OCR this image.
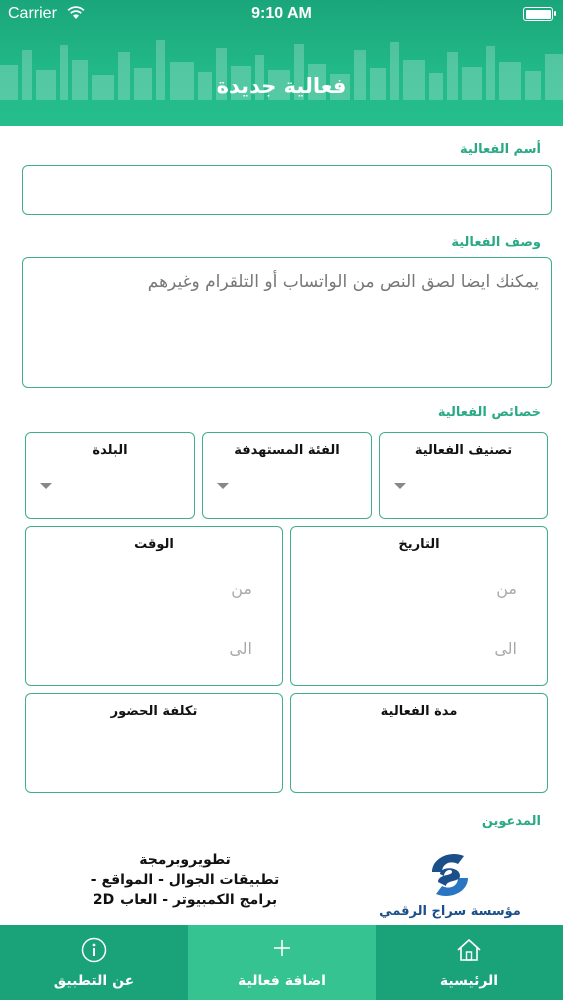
Carrier	9:10 AM
فعالية جديدة
أسم الفعالية
وصف الفعالية
يمكنك ايضا لصق النص من الواتساب أو التلقرام وغيرهم
خصائص الفعالية
تصنيف الفعالية
الفئة المستهدفة
البلدة
التاريخ
من
الى
الوقت
من
الى
مدة الفعالية
تكلفة الحضور
المدعوين
تطويروبرمجة
تطبيقات الجوال - المواقع -
برامج الكمبيوتر - العاب 2D
مؤسسة سراج الرقمي
عن التطبيق	اضافة فعالية	الرئيسية
